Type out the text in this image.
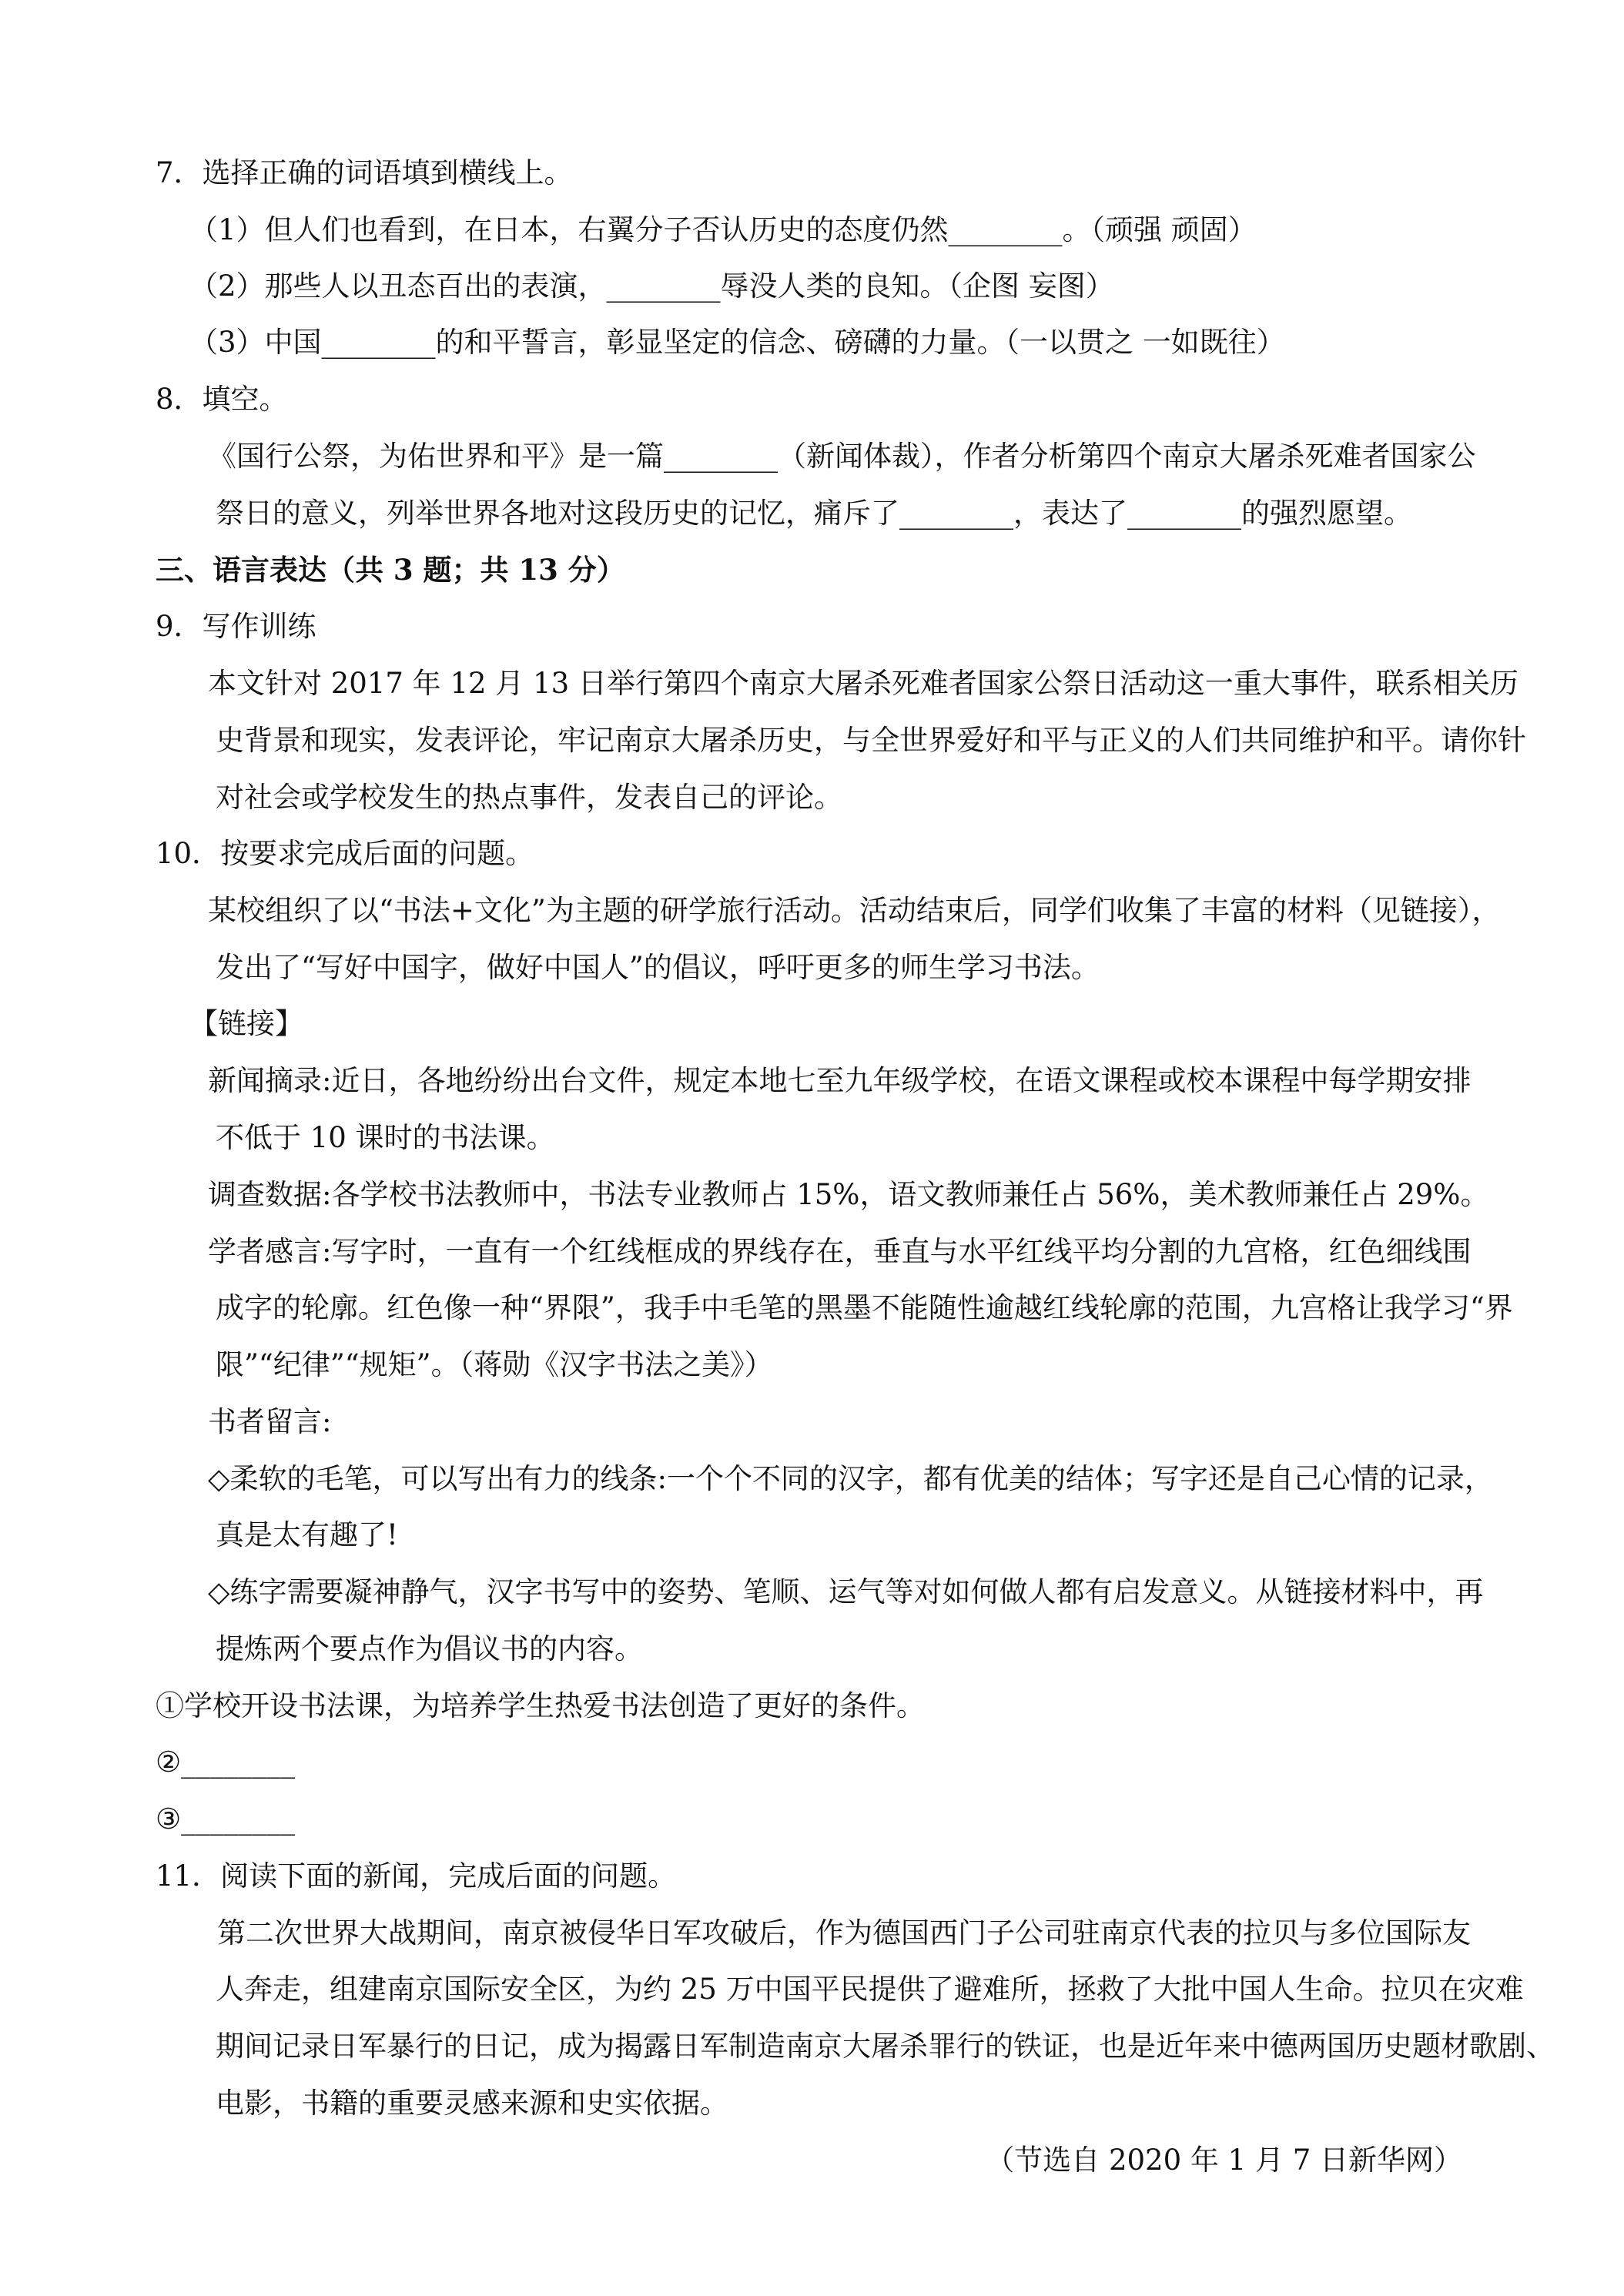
7．选择正确的词语填到横线上。
（1）但人们也看到，在日本，右翼分子否认历史的态度仍然________。（顽强 顽固）
（2）那些人以丑态百出的表演，________辱没人类的良知。（企图 妄图）
（3）中国________的和平誓言，彰显坚定的信念、磅礴的力量。（一以贯之 一如既往）
8．填空。
《国行公祭，为佑世界和平》是一篇________（新闻体裁），作者分析第四个南京大屠杀死难者国家公
祭日的意义，列举世界各地对这段历史的记忆，痛斥了________，表达了________的强烈愿望。
三、语言表达（共 3 题；共 13 分）
9．写作训练
本文针对 2017 年 12 月 13 日举行第四个南京大屠杀死难者国家公祭日活动这一重大事件，联系相关历
史背景和现实，发表评论，牢记南京大屠杀历史，与全世界爱好和平与正义的人们共同维护和平。请你针
对社会或学校发生的热点事件，发表自己的评论。
10．按要求完成后面的问题。
某校组织了以“书法+文化”为主题的研学旅行活动。活动结束后，同学们收集了丰富的材料（见链接），
发出了“写好中国字，做好中国人”的倡议，呼吁更多的师生学习书法。
【链接】
新闻摘录:近日，各地纷纷出台文件，规定本地七至九年级学校，在语文课程或校本课程中每学期安排
不低于 10 课时的书法课。
调查数据:各学校书法教师中，书法专业教师占 15%，语文教师兼任占 56%，美术教师兼任占 29%。
学者感言:写字时，一直有一个红线框成的界线存在，垂直与水平红线平均分割的九宫格，红色细线围
成字的轮廓。红色像一种“界限”，我手中毛笔的黑墨不能随性逾越红线轮廓的范围，九宫格让我学习“界
限”“纪律”“规矩”。（蒋勋《汉字书法之美》）
书者留言:
◇柔软的毛笔，可以写出有力的线条:一个个不同的汉字，都有优美的结体；写字还是自己心情的记录，
真是太有趣了!
◇练字需要凝神静气，汉字书写中的姿势、笔顺、运气等对如何做人都有启发意义。从链接材料中，再
提炼两个要点作为倡议书的内容。
①学校开设书法课，为培养学生热爱书法创造了更好的条件。
②________
③________
11．阅读下面的新闻，完成后面的问题。
第二次世界大战期间，南京被侵华日军攻破后，作为德国西门子公司驻南京代表的拉贝与多位国际友
人奔走，组建南京国际安全区，为约 25 万中国平民提供了避难所，拯救了大批中国人生命。拉贝在灾难
期间记录日军暴行的日记，成为揭露日军制造南京大屠杀罪行的铁证，也是近年来中德两国历史题材歌剧、
电影，书籍的重要灵感来源和史实依据。
（节选自 2020 年 1 月 7 日新华网）
